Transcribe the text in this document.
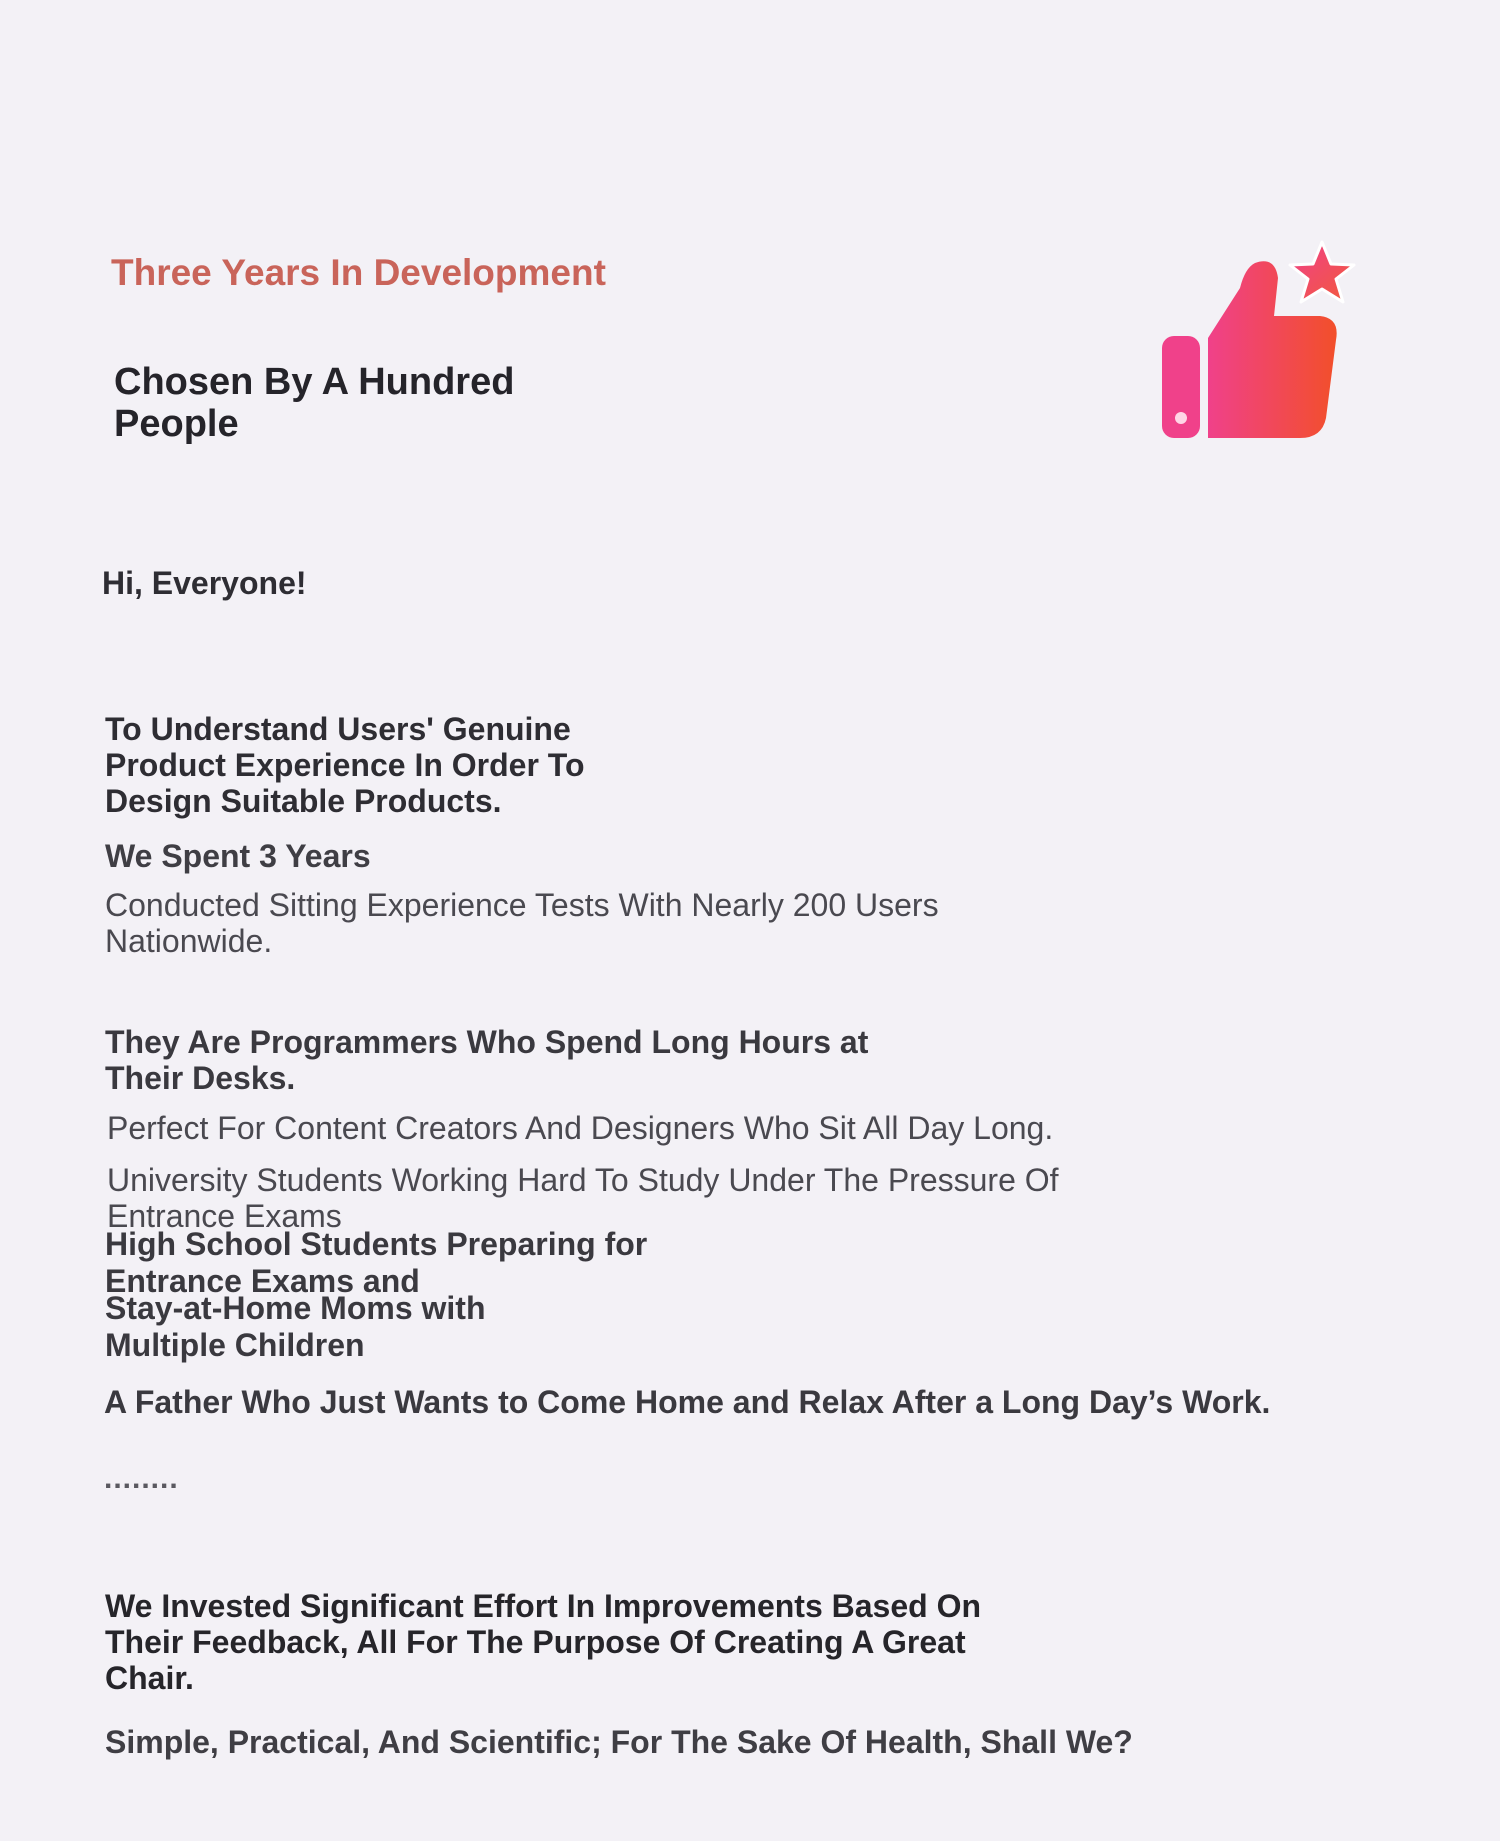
Three Years In Development
Chosen By A Hundred People

Hi, Everyone!

To Understand Users' Genuine Product Experience In Order To Design Suitable Products.

We Spent 3 Years

Conducted Sitting Experience Tests With Nearly 200 Users Nationwide.

They Are Programmers Who Spend Long Hours at Their Desks.

Perfect For Content Creators And Designers Who Sit All Day Long.

University Students Working Hard To Study Under The Pressure Of Entrance Exams

High School Students Preparing for Entrance Exams and

Stay-at-Home Moms with Multiple Children

A Father Who Just Wants to Come Home and Relax After a Long Day’s Work.

........

We Invested Significant Effort In Improvements Based On Their Feedback, All For The Purpose Of Creating A Great Chair.

Simple, Practical, And Scientific; For The Sake Of Health, Shall We?
